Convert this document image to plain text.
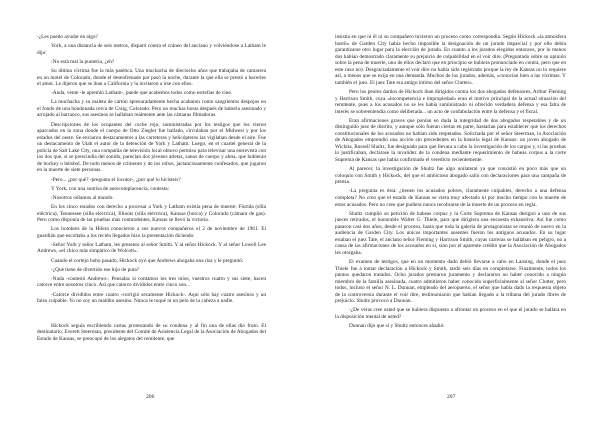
-¿Les puedo ayudar en algo?

York, a una distancia de seis metros, disparó contra el cráneo del anciano y volviéndose a Latham le dijo:

-No está mal la puntería, ¿eh?

Su última víctima fue la más patética. Una muchacha de dieciocho años que trabajaba de camarera en un motel de Colorado, donde el desenfrenado par pasó la noche, durante la que ella se prestó a hacerles el amor. Le dijeron que se iban a California y la invitaron a irse con ellos.

-Anda, vente -le apremió Latham-, puede que acabemos todos como estrellas de cine.

La muchacha y su maleta de cartón apresuradamente hecha acabaron como sangrientos despojos en el fondo de una hondonada cerca de Craig, Colorado. Pero no muchas horas después de haberla asesinado y arrojado al barranco, sus asesinos se hallaban realmente ante las cámaras filmadoras.

Descripciones de los ocupantes del coche rojo, suministradas por los testigos que los vieron aparcados en la zona donde el cuerpo de Otto Ziegler fue hallado, circulaban por el Midwest y por los estados del oeste. Se enviaron destacamentos a las carreteras y helicópteros las vigilaban desde el aire. Fue un destacamento de Utah el autor de la detención de York y Latham. Luego, en el cuartel general de la policía de Salt Lake City, una compañía de televisión local obtuvo permiso para televisar una entrevista con los dos que, si se prescindía del sonido, parecían dos jóvenes atletas, sanos de cuerpo y alma, que hubieran de hockey o béisbol. De todo menos de crímenes y de los robos, jactanciosamente confesados, que jugaron en la muerte de siete personas.

-Pero... ¿por qué? -pregunta el locutor-, ¿por qué lo hicisteis?

Y York, con una sonrisa de autocomplacencia, contesta:

-Nosotros odiamos al mundo.

En los cinco estados con derecho a procesar a York y Latham existía pena de muerte: Florida (silla eléctrica), Tennessee (silla eléctrica), Illinois (silla eléctrica), Kansas (horca) y Colorado (cámara de gas). Pero como disponía de las pruebas más contundentes, Kansas se llevó la victoria.

Los hombres de la Hilera conocieron a sus nuevos compañeros el 2 de noviembre de 1961. El guardián que escoltaba a los recién llegados hizo la presentación diciendo:

-Señor York y señor Latham, les presento al señor Smith. Y al señor Hickock. Y al señor Lowell Lee Andrews, «el chico más simpático de Wolcott».

Cuando el cortejo hubo pasado, Hickock oyó que Andrews ahogaba una risa y le preguntó:

-¿Qué tiene de divertido ese hijo de puta?

-Nada -contestó Andrews-. Pensaba: si contamos los tres míos, vuestros cuatro y sus siete, hacen catorce entre nosotros cinco. Así que catorce divididos entre cinco son...

-Catorce divididos entre cuatro -corrigió secamente Hickock-. Aquí sólo hay cuatro asesinos y un falso culpable. Yo no soy un maldito asesino. Nunca le toqué ni un pelo de la cabeza a nadie.

Hickock seguía escribiendo cartas protestando de su condena y al fin una de ellas dio fruto. El destinatario, Everett Steerman, presidente del Comité de Asistencia Legal de la Asociación de Abogados del Estado de Kansas, se preocupó de los alegatos del remitente, que

206

insistía en que ni él ni su compañero tuvieron un proceso como correspondía. Según Hickock «la atmósfera hostil» de Garden City había hecho imposible la designación de un jurado imparcial y por ello debía garantizarse otro lugar para la elección de jurado. En cuanto a los jurados elegidos entonces, por lo menos dos habían demostrado claramente su prejuicio de culpabilidad en el voir dire. (Preguntado sobre su opinión sobre la pena de muerte, uno de ellos declaró que en principio se hubiera pronunciado en contra, pero que en este caso no). Desgraciadamente el voir dire no había sido registrado porque la ley de Kansas no lo requiere así, a menos que se exija en una demanda. Muchos de los jurados, además, «conocían bien a las víctimas. Y también el juez. El juez Tate era amigo íntimo del señor Clutter».

Pero los peores dardos de Hickock iban dirigidos contra los dos abogados defensores, Arthur Fleming y Harrison Smith, cuya «incompetencia e impropiedad» eran el motivo principal de la actual situación del remitente, pues a los acusados no se les había suministrado ni ofrecido verdadera defensa y esa falta de interés se sobreentendía como deliberada... un acto de confabulación entre la defensa y el fiscal.

Eran afirmaciones graves que ponían en duda la integridad de dos abogados respetables y de un distinguido juez de distrito, y aunque sólo fueran ciertas en parte, bastarían para establecer que los derechos constitucionales de los acusados no habían sido respetados. Solicitada por el señor Steerman, la Asociación de Abogados emprendió una acción sin precedentes en la historia legal de Kansas: un joven abogado de Wichita, Russell Shultz, fue designado para que llevara a cabo la investigación de los cargos y, si las pruebas lo justificaban, declarase la invalidez de la condena mediante requerimiento de habeas corpus a la corte Suprema de Kansas que había confirmado el veredicto recientemente.

Al parecer, la investigación de Shultz fue algo unilateral ya que consistió en poco más que un coloquio con Smith y Hickock, del que el ambicioso abogado salió con declaraciones para una campaña de prensa.

-La pregunta es ésta: ¿tienen los acusados pobres, claramente culpables, derecho a una defensa completa? No creo que el estado de Kansas se viera muy afectado ni por mucho tiempo con la muerte de estos acusados. Pero no creo que pudiera nunca recobrarse de la muerte de un proceso en regla.

Shultz cumplió su petición de habeas corpus y la Corte Suprema de Kansas designó a uno de sus jueces retirados, el honorable Walter G. Thiele, para que dirigiera una encuesta exhaustiva. Así fue como pasaron casi dos años, desde el proceso, hasta que toda la galería de protagonistas se reunió de nuevo en la audiencia de Garden City. Los únicos importantes ausentes fueron los antiguos acusados. En su lugar estaban el juez Tate, el anciano señor Fleming y Harrison Smith, cuyas carreras se hallaban en peligro, no a causa de las afirmaciones de los acusados en sí, sino por el aparente crédito que la Asociación de Abogados les otorgaba.

El examen de testigos, que en un momento dado debió llevarse a cabo en Lansing, donde el juez Thiele fue a tomar declaración a Hickock y Smith, tardó seis días en completarse. Finalmente, todos los puntos quedaron tratados. Ocho jurados prestaron juramento y declararon no haber conocido a ningún miembro de la familia asesinada, cuatro admitieron haber conocido superficialmente al señor Clutter, pero todos, incluso el señor N. L. Dunnan, empleado del aeropuerto, el señor que había dado la respuesta objeto de la controversia durante el voir dire, testimoniaron que habían llegado a la tribuna del jurado libres de prejuicio. Shultz provocó a Dunnan.

-¿De veras cree usted que se hubiera dispuesto a afrontar un proceso en el que el jurado se hallara en la disposición mental de usted?

Dunnan dijo que sí y Shultz entonces añadió:

207
